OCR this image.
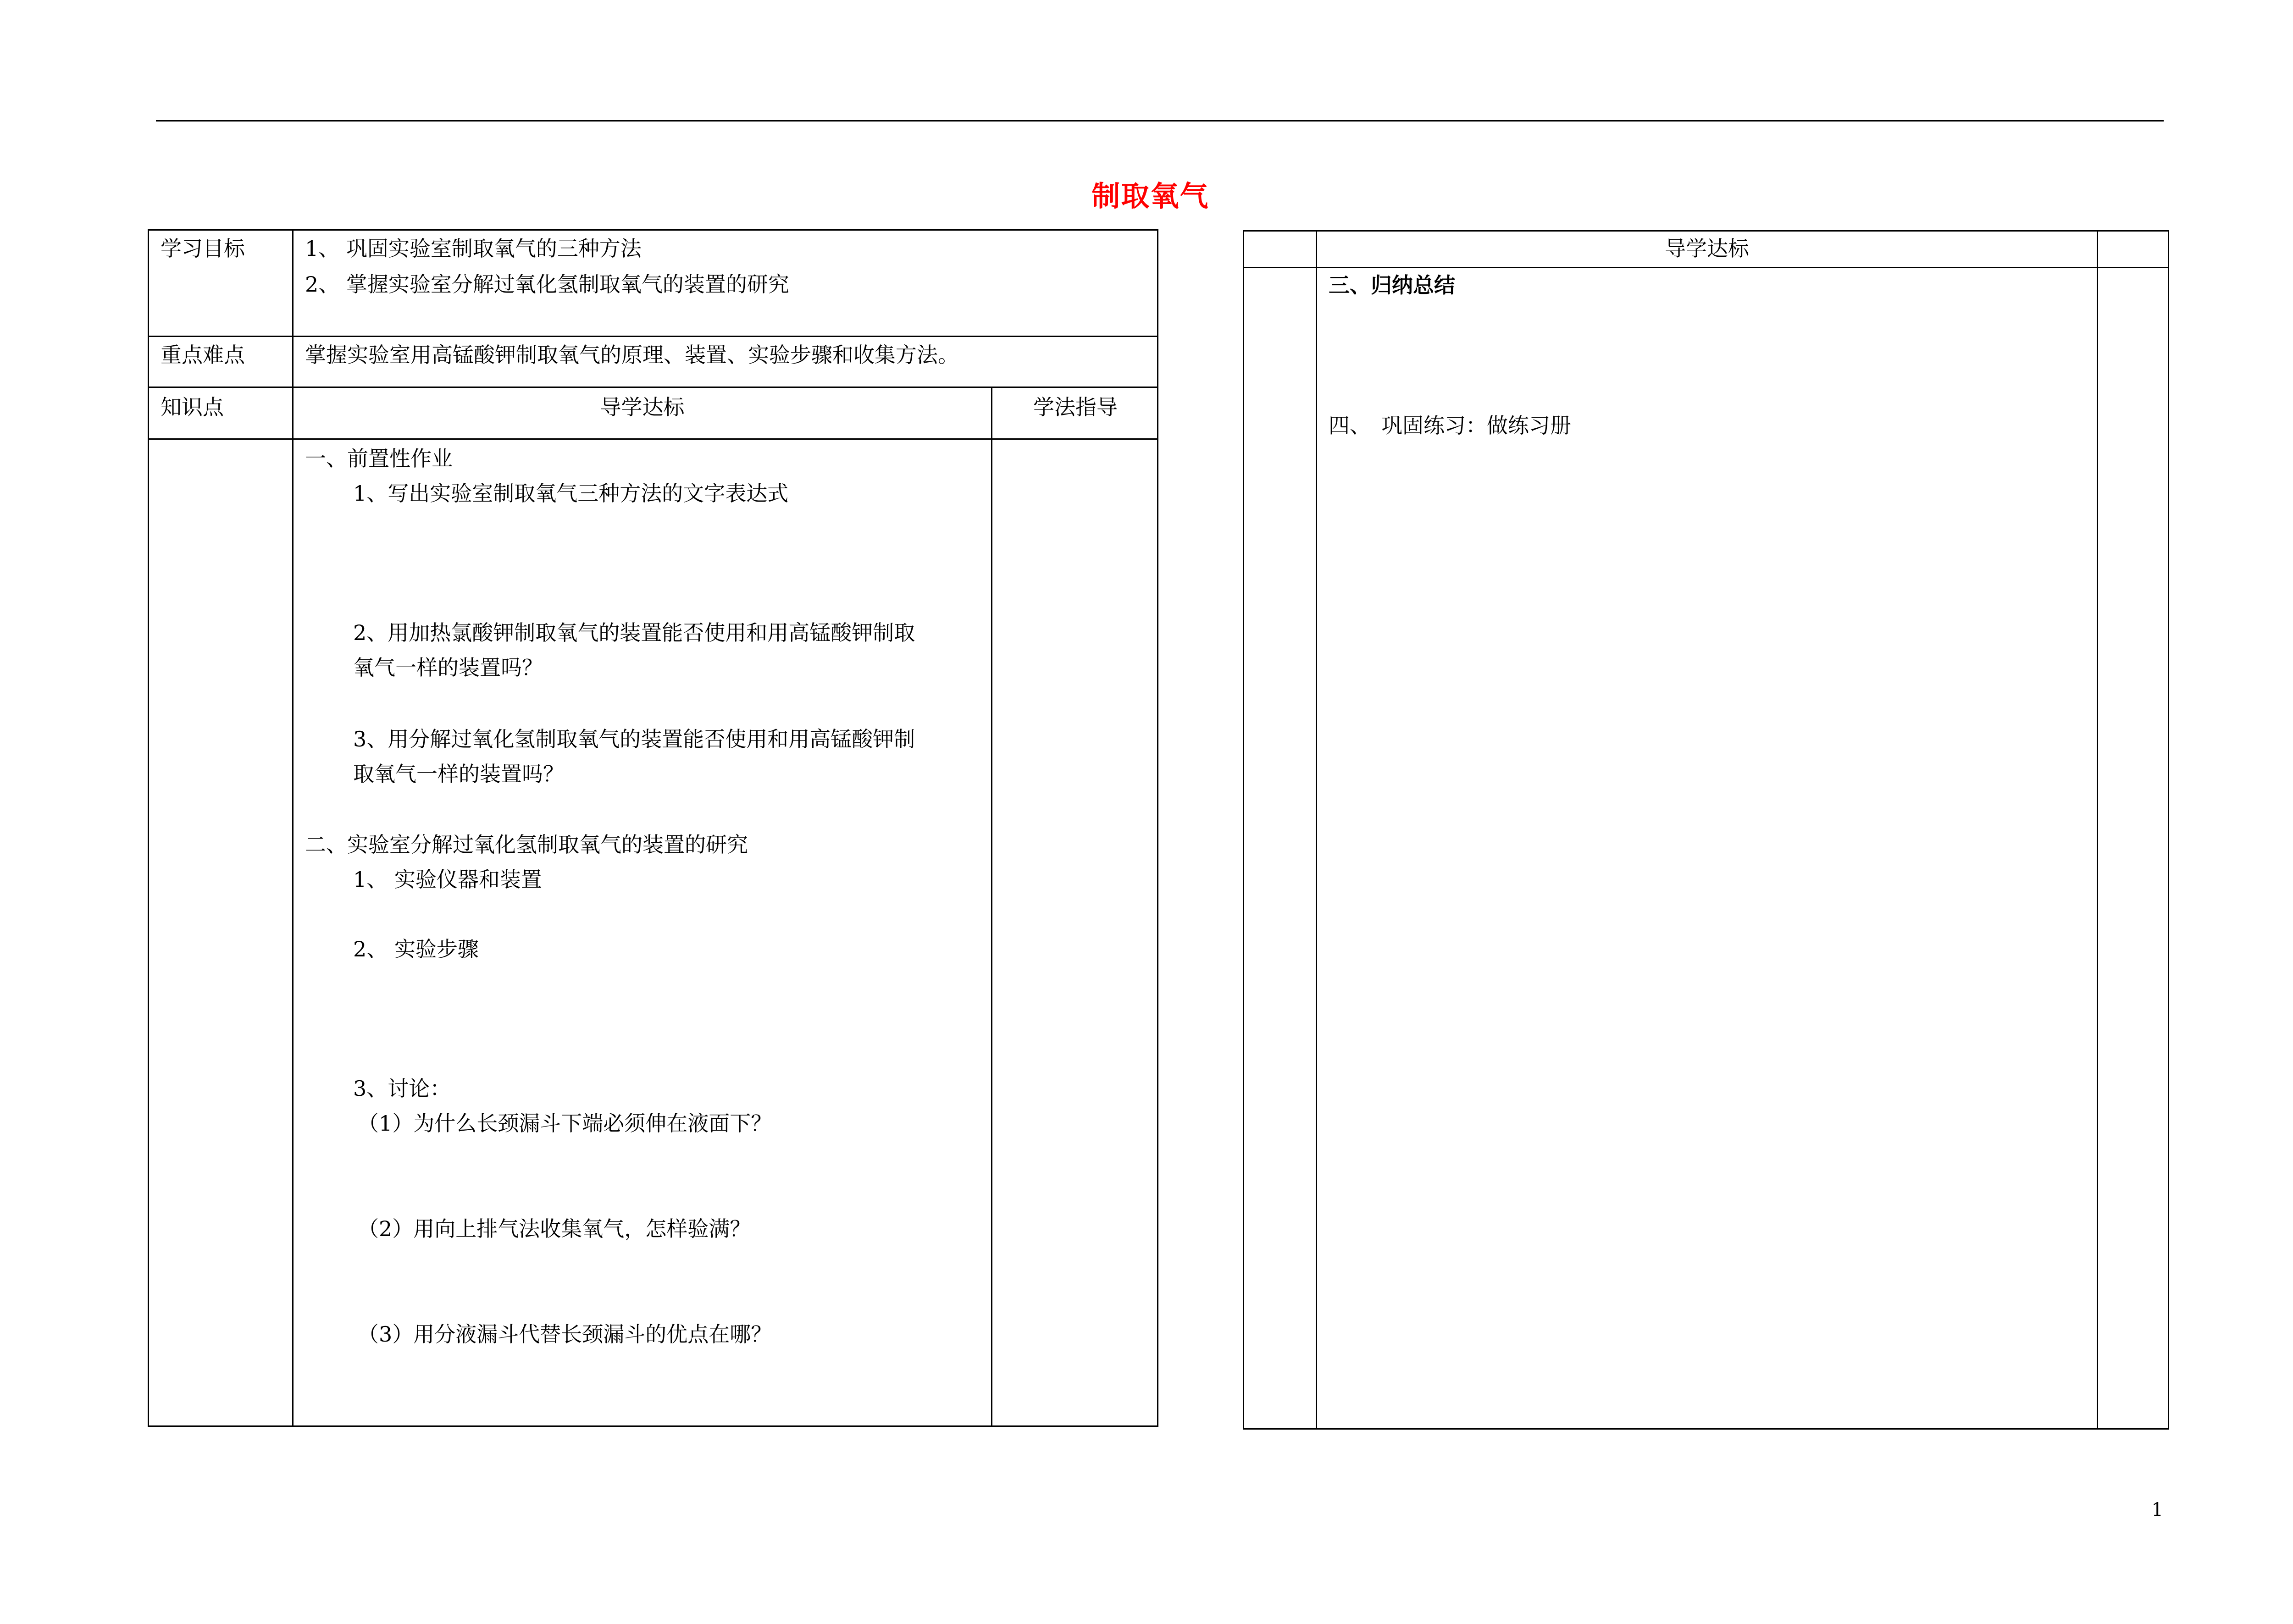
制取氧气
学习目标	1、 巩固实验室制取氧气的三种方法
2、 掌握实验室分解过氧化氢制取氧气的装置的研究
重点难点	掌握实验室用高锰酸钾制取氧气的原理、装置、实验步骤和收集方法。
知识点	导学达标	学法指导
一、前置性作业
1、写出实验室制取氧气三种方法的文字表达式
2、用加热氯酸钾制取氧气的装置能否使用和用高锰酸钾制取
氧气一样的装置吗？
3、用分解过氧化氢制取氧气的装置能否使用和用高锰酸钾制
取氧气一样的装置吗？
二、实验室分解过氧化氢制取氧气的装置的研究
1、 实验仪器和装置
2、 实验步骤
3、讨论：
（1）为什么长颈漏斗下端必须伸在液面下？
（2）用向上排气法收集氧气，怎样验满？
（3）用分液漏斗代替长颈漏斗的优点在哪？
导学达标
三、归纳总结
四、　巩固练习：做练习册
1
